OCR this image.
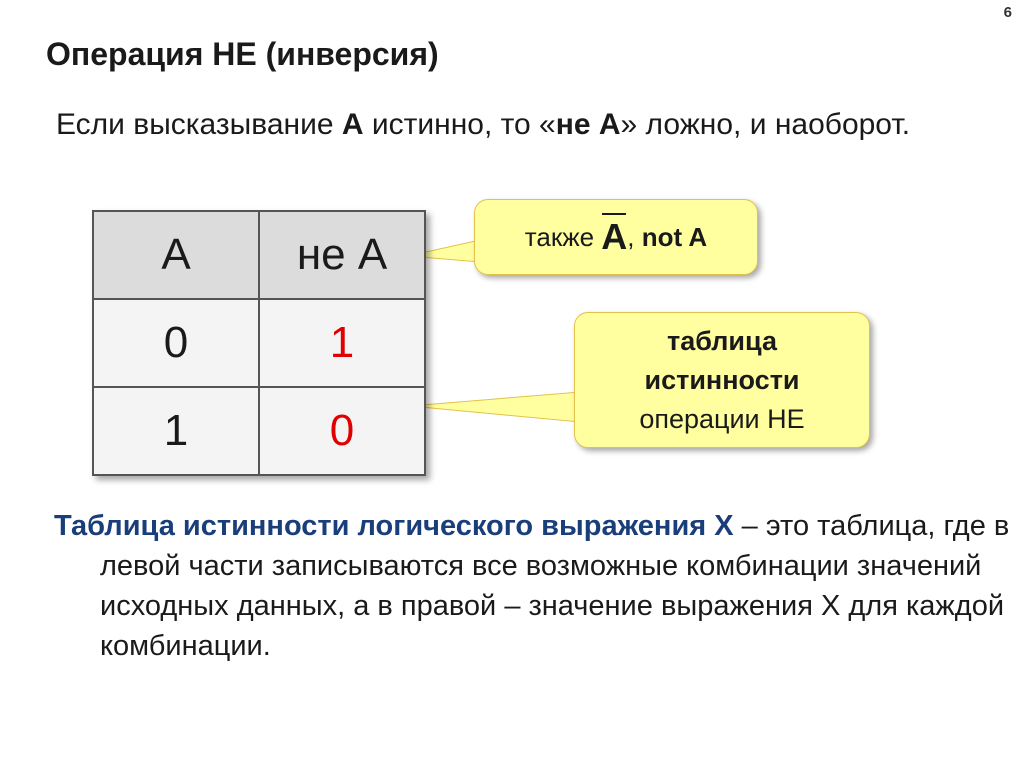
6
Операция НЕ (инверсия)
Если высказывание А истинно, то «не А» ложно, и наоборот.
А	не А
0	1
1	0
также
А, not A
таблица
истинности
операции НЕ
Таблица истинности логического выражения Х – это таблица, где в левой части записываются все возможные комбинации значений исходных данных, а в правой – значение выражения Х для каждой комбинации.
